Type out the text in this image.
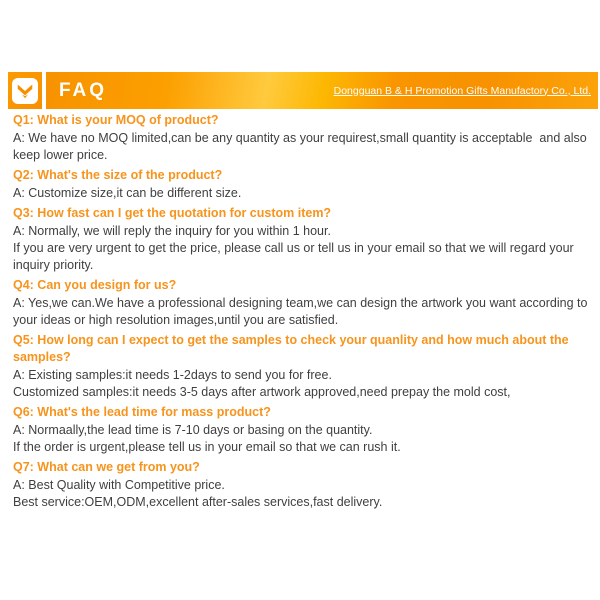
FAQ	Dongguan B & H Promotion Gifts Manufactory Co., Ltd.

Q1: What is your MOQ of product?

A: We have no MOQ limited,can be any quantity as your requirest,small quantity is acceptable  and also keep lower price.

Q2: What's the size of the product?

A: Customize size,it can be different size.

Q3: How fast can I get the quotation for custom item?

A: Normally, we will reply the inquiry for you within 1 hour.

If you are very urgent to get the price, please call us or tell us in your email so that we will regard your inquiry priority.

Q4: Can you design for us?

A: Yes,we can.We have a professional designing team,we can design the artwork you want according to your ideas or high resolution images,until you are satisfied.

Q5: How long can I expect to get the samples to check your quanlity and how much about the samples?

A: Existing samples:it needs 1-2days to send you for free.

Customized samples:it needs 3-5 days after artwork approved,need prepay the mold cost,

Q6: What's the lead time for mass product?

A: Normaally,the lead time is 7-10 days or basing on the quantity.

If the order is urgent,please tell us in your email so that we can rush it.

Q7: What can we get from you?

A: Best Quality with Competitive price.

Best service:OEM,ODM,excellent after-sales services,fast delivery.
